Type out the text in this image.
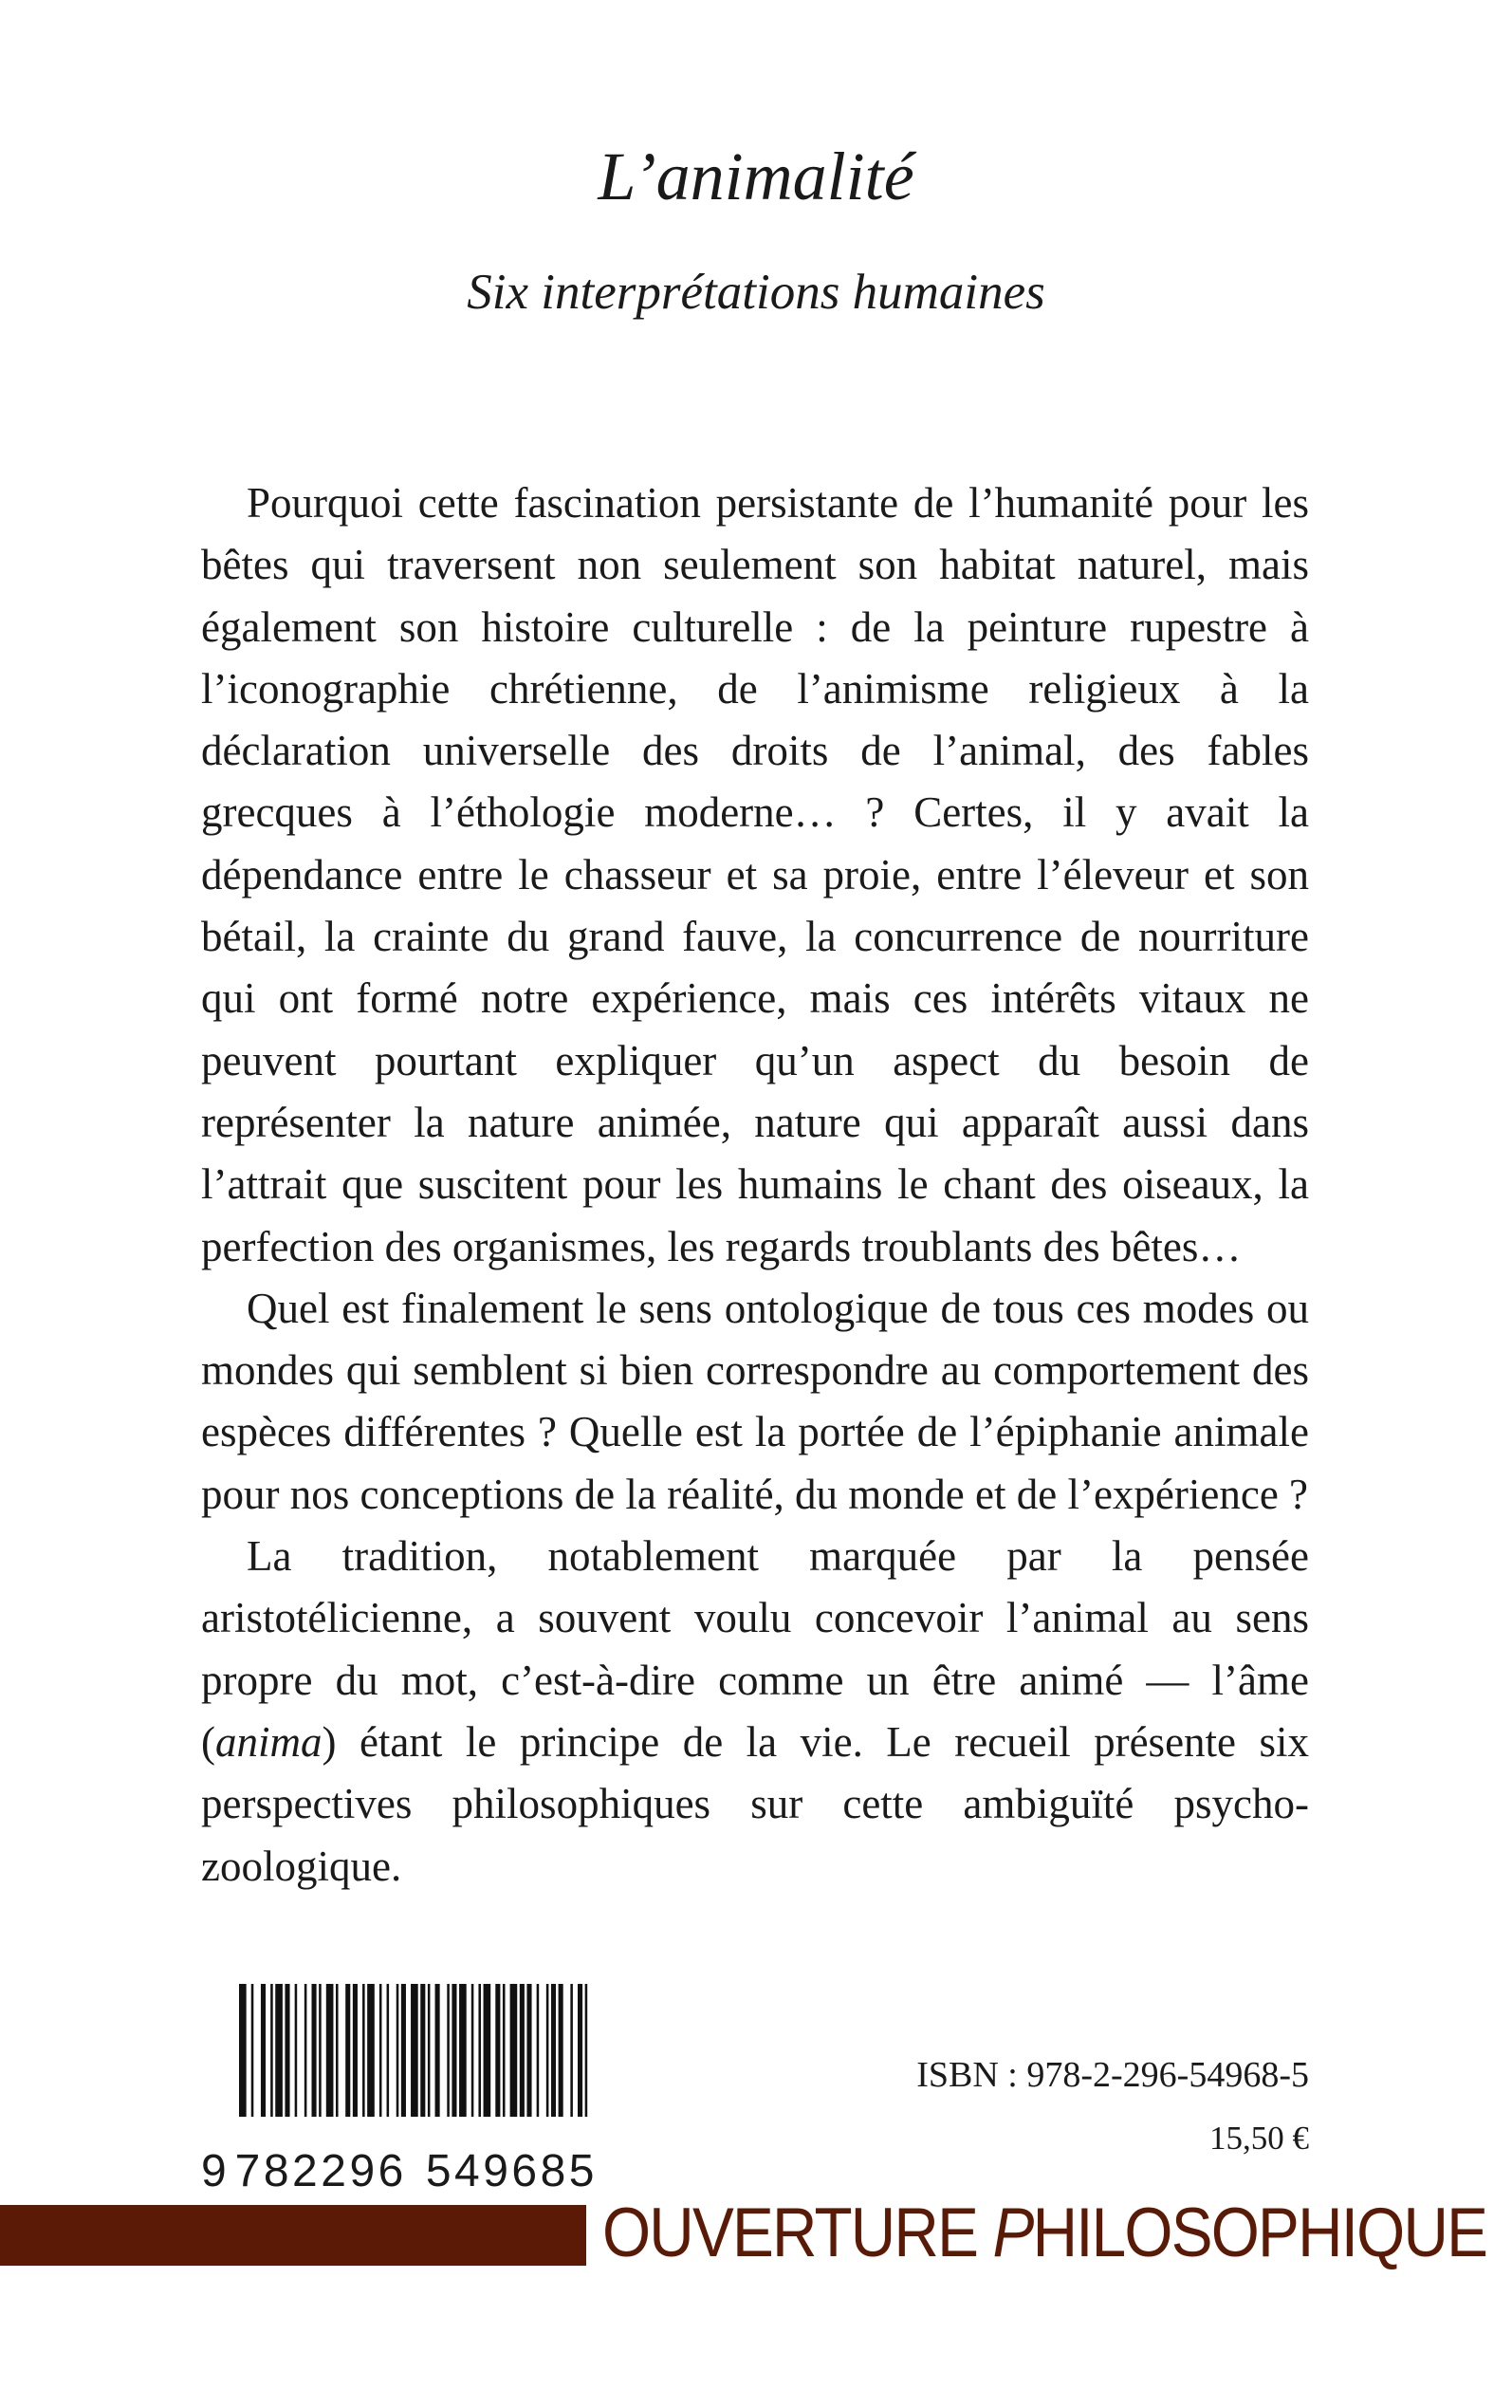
L’animalité
Six interprétations humaines

Pourquoi cette fascination persistante de l’humanité pour les bêtes qui traversent non seulement son habitat naturel, mais également son histoire culturelle : de la peinture rupestre à l’iconographie chrétienne, de l’animisme religieux à la déclaration universelle des droits de l’animal, des fables grecques à l’éthologie moderne… ? Certes, il y avait la dépendance entre le chasseur et sa proie, entre l’éleveur et son bétail, la crainte du grand fauve, la concurrence de nourriture qui ont formé notre expérience, mais ces intérêts vitaux ne peuvent pourtant expliquer qu’un aspect du besoin de représenter la nature animée, nature qui apparaît aussi dans l’attrait que suscitent pour les humains le chant des oiseaux, la perfection des organismes, les regards troublants des bêtes…

Quel est finalement le sens ontologique de tous ces modes ou mondes qui semblent si bien correspondre au comportement des espèces différentes ? Quelle est la portée de l’épiphanie animale pour nos conceptions de la réalité, du monde et de l’expérience ?

La tradition, notablement marquée par la pensée aristotélicienne, a souvent voulu concevoir l’animal au sens propre du mot, c’est-à-dire comme un être animé — l’âme (anima) étant le principe de la vie. Le recueil présente six perspectives philosophiques sur cette ambiguïté psycho-zoologique.

9 782296 549685

ISBN : 978-2-296-54968-5

15,50 €

OUVERTURE PHILOSOPHIQUE
